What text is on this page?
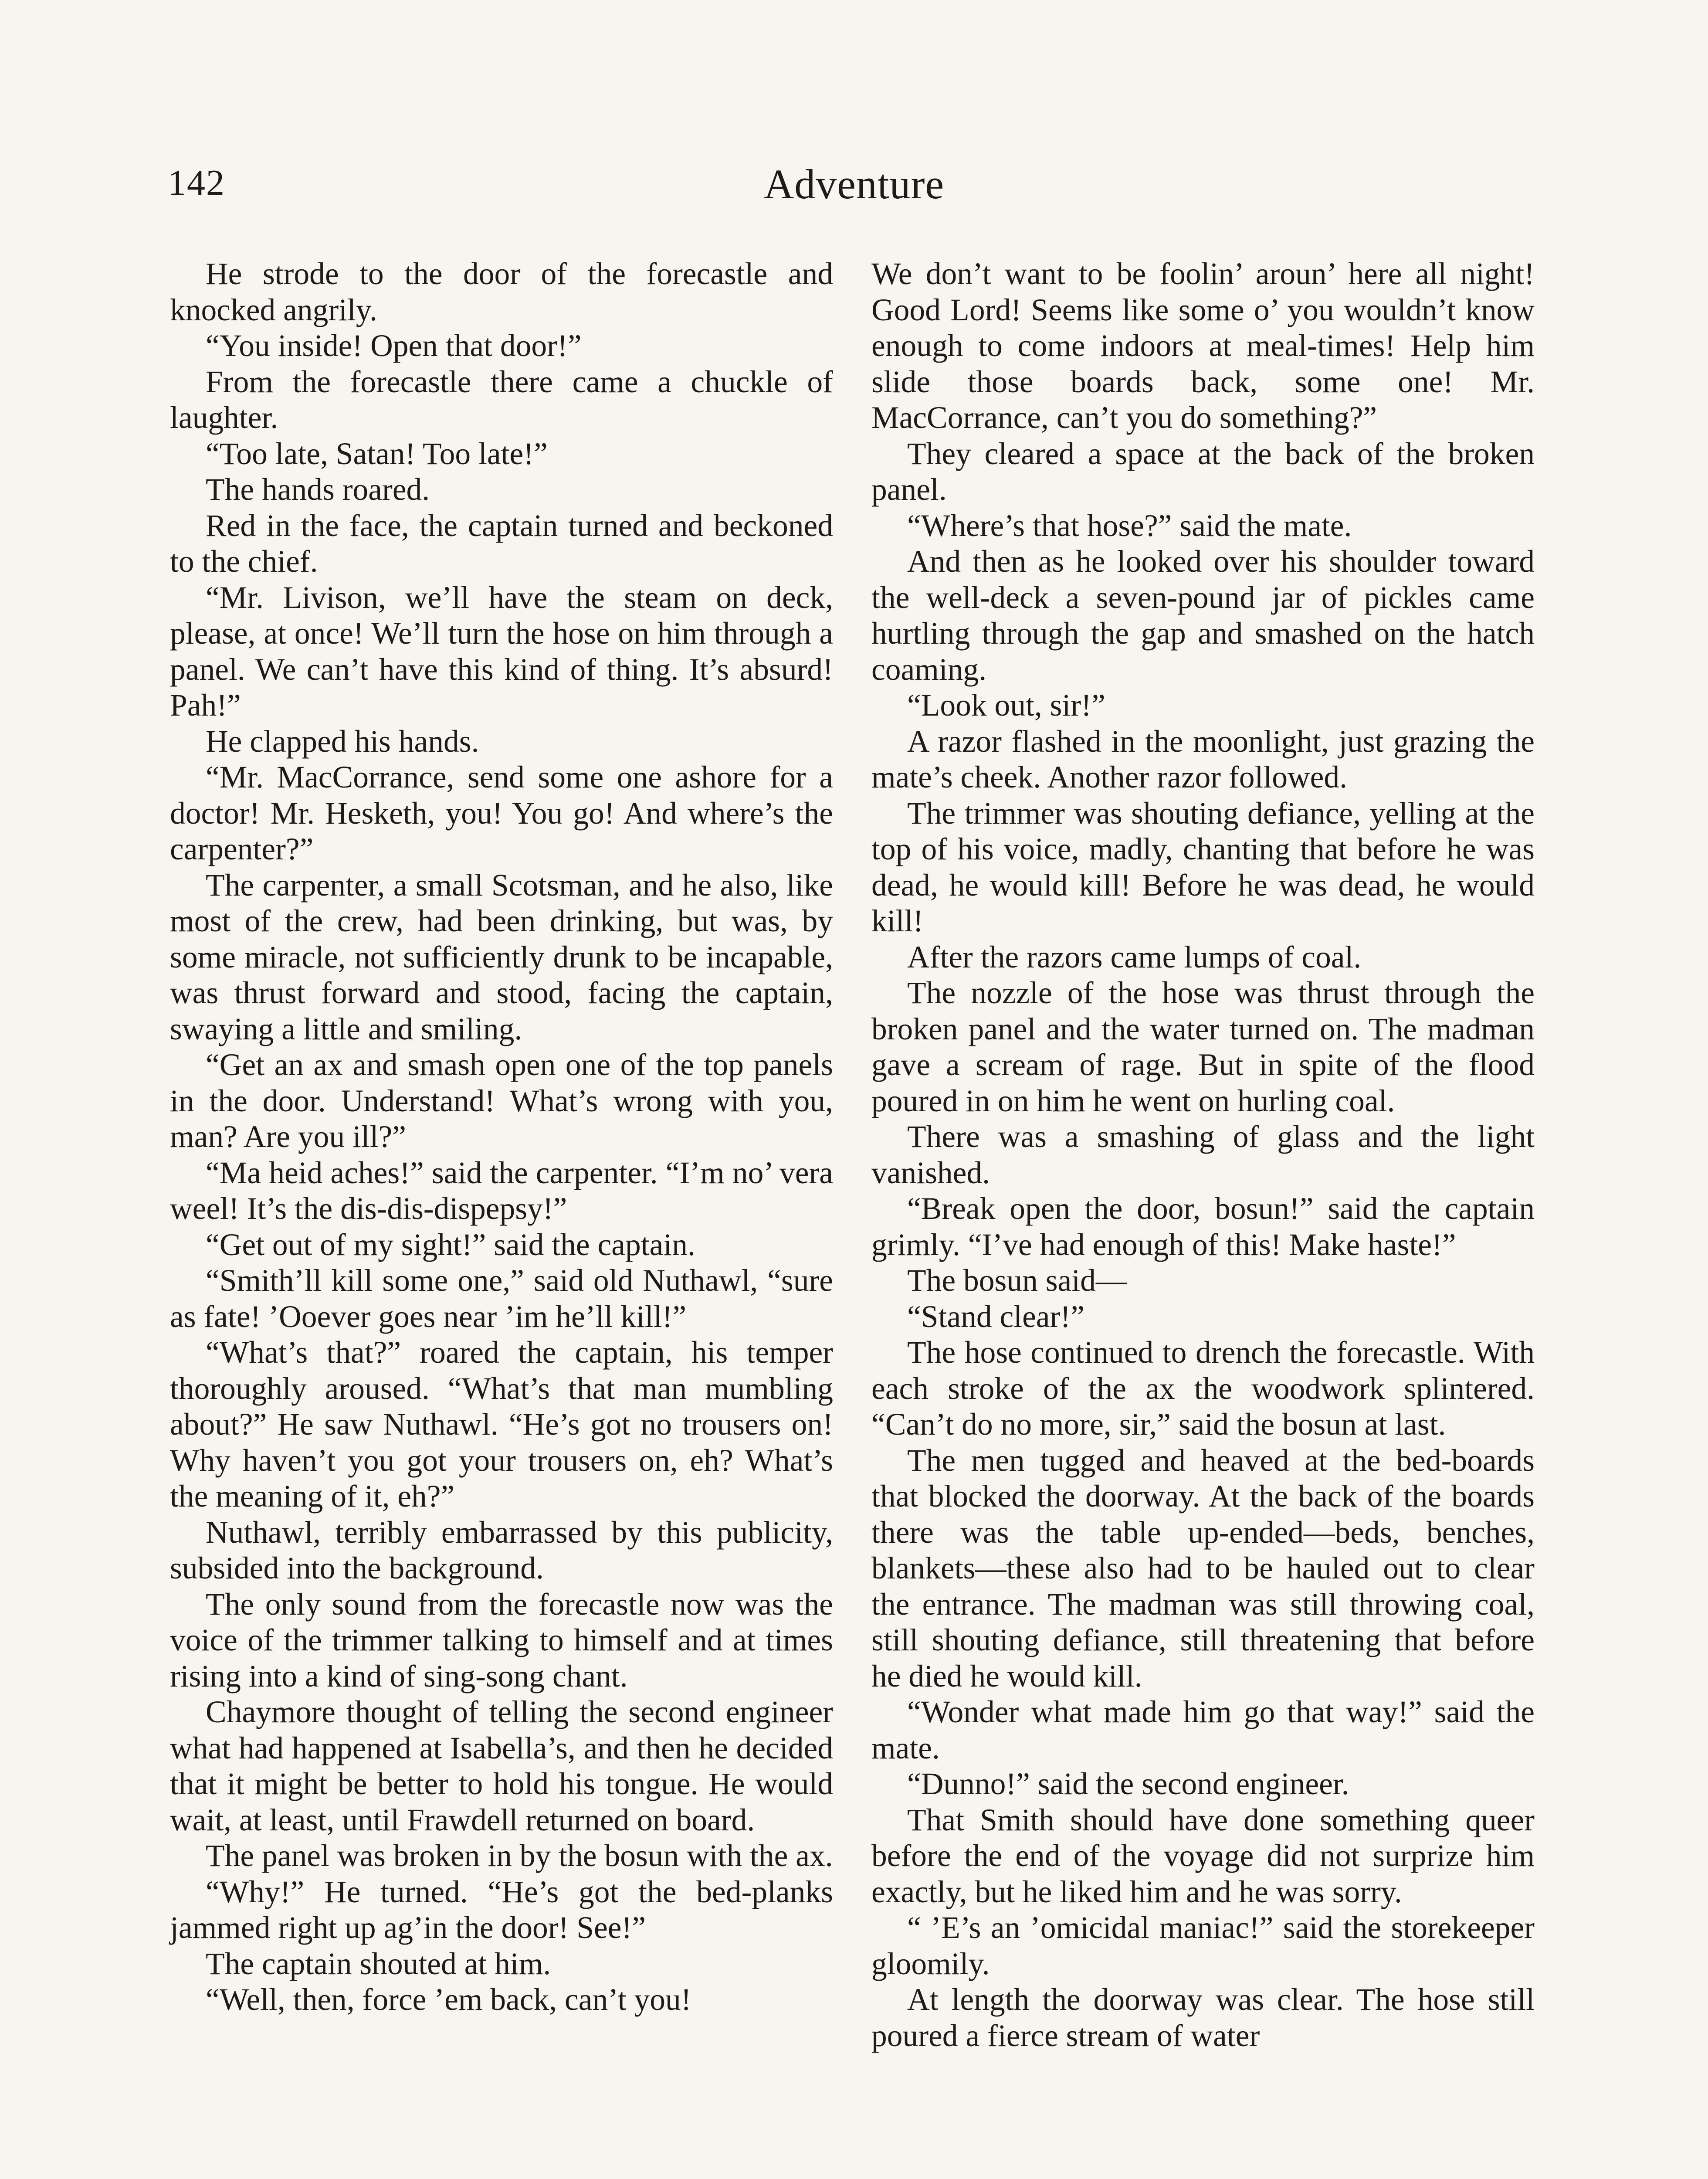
142	Adventure

He strode to the door of the forecastle and knocked angrily.

“You inside! Open that door!”

From the forecastle there came a chuckle of laughter.

“Too late, Satan! Too late!”

The hands roared.

Red in the face, the captain turned and beckoned to the chief.

“Mr. Livison, we’ll have the steam on deck, please, at once! We’ll turn the hose on him through a panel. We can’t have this kind of thing. It’s absurd! Pah!”

He clapped his hands.

“Mr. MacCorrance, send some one ashore for a doctor! Mr. Hesketh, you! You go! And where’s the carpenter?”

The carpenter, a small Scotsman, and he also, like most of the crew, had been drinking, but was, by some miracle, not sufficiently drunk to be incapable, was thrust forward and stood, facing the captain, swaying a little and smiling.

“Get an ax and smash open one of the top panels in the door. Understand! What’s wrong with you, man? Are you ill?”

“Ma heid aches!” said the carpenter. “I’m no’ vera weel! It’s the dis-dis-dispepsy!”

“Get out of my sight!” said the captain.

“Smith’ll kill some one,” said old Nuthawl, “sure as fate! ’Ooever goes near ’im he’ll kill!”

“What’s that?” roared the captain, his temper thoroughly aroused. “What’s that man mumbling about?” He saw Nuthawl. “He’s got no trousers on! Why haven’t you got your trousers on, eh? What’s the meaning of it, eh?”

Nuthawl, terribly embarrassed by this publicity, subsided into the background.

The only sound from the forecastle now was the voice of the trimmer talking to himself and at times rising into a kind of sing-song chant.

Chaymore thought of telling the second engineer what had happened at Isabella’s, and then he decided that it might be better to hold his tongue. He would wait, at least, until Frawdell returned on board.

The panel was broken in by the bosun with the ax.

“Why!” He turned. “He’s got the bed-planks jammed right up ag’in the door! See!”

The captain shouted at him.

“Well, then, force ’em back, can’t you!

We don’t want to be foolin’ aroun’ here all night! Good Lord! Seems like some o’ you wouldn’t know enough to come indoors at meal-times! Help him slide those boards back, some one! Mr. MacCorrance, can’t you do something?”

They cleared a space at the back of the broken panel.

“Where’s that hose?” said the mate.

And then as he looked over his shoulder toward the well-deck a seven-pound jar of pickles came hurtling through the gap and smashed on the hatch coaming.

“Look out, sir!”

A razor flashed in the moonlight, just grazing the mate’s cheek. Another razor followed.

The trimmer was shouting defiance, yelling at the top of his voice, madly, chanting that before he was dead, he would kill! Before he was dead, he would kill!

After the razors came lumps of coal.

The nozzle of the hose was thrust through the broken panel and the water turned on. The madman gave a scream of rage. But in spite of the flood poured in on him he went on hurling coal.

There was a smashing of glass and the light vanished.

“Break open the door, bosun!” said the captain grimly. “I’ve had enough of this! Make haste!”

The bosun said—

“Stand clear!”

The hose continued to drench the forecastle. With each stroke of the ax the woodwork splintered. “Can’t do no more, sir,” said the bosun at last.

The men tugged and heaved at the bed-boards that blocked the doorway. At the back of the boards there was the table up-ended—beds, benches, blankets—these also had to be hauled out to clear the entrance. The madman was still throwing coal, still shouting defiance, still threatening that before he died he would kill.

“Wonder what made him go that way!” said the mate.

“Dunno!” said the second engineer.

That Smith should have done something queer before the end of the voyage did not surprize him exactly, but he liked him and he was sorry.

“ ’E’s an ’omicidal maniac!” said the storekeeper gloomily.

At length the doorway was clear. The hose still poured a fierce stream of water
